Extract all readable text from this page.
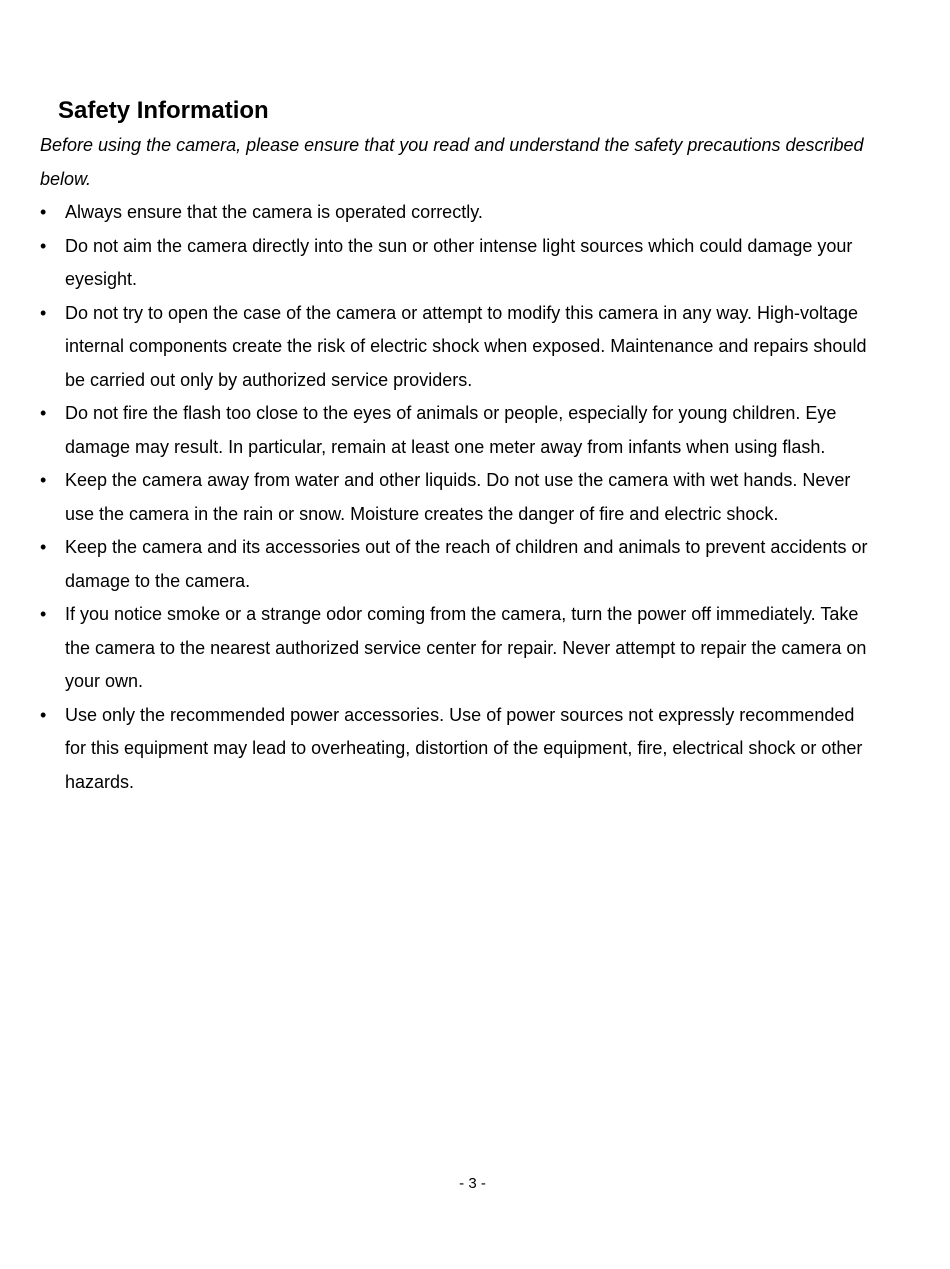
Safety Information

Before using the camera, please ensure that you read and understand the safety precautions described below.

•	Always ensure that the camera is operated correctly.
•	Do not aim the camera directly into the sun or other intense light sources which could damage your eyesight.
•	Do not try to open the case of the camera or attempt to modify this camera in any way. High-voltage internal components create the risk of electric shock when exposed. Maintenance and repairs should be carried out only by authorized service providers.
•	Do not fire the flash too close to the eyes of animals or people, especially for young children. Eye damage may result. In particular, remain at least one meter away from infants when using flash.
•	Keep the camera away from water and other liquids. Do not use the camera with wet hands. Never use the camera in the rain or snow. Moisture creates the danger of fire and electric shock.
•	Keep the camera and its accessories out of the reach of children and animals to prevent accidents or damage to the camera.
•	If you notice smoke or a strange odor coming from the camera, turn the power off immediately. Take the camera to the nearest authorized service center for repair. Never attempt to repair the camera on your own.
•	Use only the recommended power accessories. Use of power sources not expressly recommended for this equipment may lead to overheating, distortion of the equipment, fire, electrical shock or other hazards.
- 3 -
